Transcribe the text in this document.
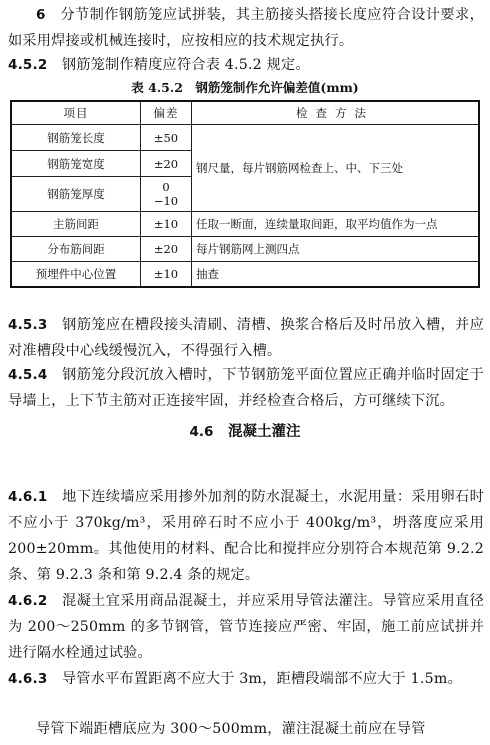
6　 分节制作钢筋笼应试拼装，其主筋接头搭接长度应符合设计要求，如采用焊接或机械连接时，应按相应的技术规定执行。

4.5.2　 钢筋笼制作精度应符合表 4.5.2 规定。

表 4.5.2　钢筋笼制作允许偏差值(mm)

项目	偏差	检查方法
钢筋笼长度	±50	钢尺量，每片钢筋网检查上、中、下三处
钢筋笼宽度	±20	
钢筋笼厚度	0
−10	

主筋间距	±10	任取一断面，连续量取间距，取平均值作为一点
分布筋间距	±20	每片钢筋网上测四点
预埋件中心位置	±10	抽查

4.5.3　 钢筋笼应在槽段接头清刷、清槽、换浆合格后及时吊放入槽，并应对准槽段中心线缓慢沉入，不得强行入槽。

4.5.4　 钢筋笼分段沉放入槽时，下节钢筋笼平面位置应正确并临时固定于导墙上，上下节主筋对正连接牢固，并经检查合格后，方可继续下沉。

4.6　 混凝土灌注

4.6.1　 地下连续墙应采用掺外加剂的防水混凝土，水泥用量：采用卵石时不应小于 370kg/m³，采用碎石时不应小于 400kg/m³，坍落度应采用 200±20mm。其他使用的材料、配合比和搅拌应分别符合本规范第 9.2.2 条、第 9.2.3 条和第 9.2.4 条的规定。

4.6.2　 混凝土宜采用商品混凝土，并应采用导管法灌注。导管应采用直径为 200～250mm 的多节钢管，管节连接应严密、牢固，施工前应试拼并进行隔水栓通过试验。

4.6.3　 导管水平布置距离不应大于 3m，距槽段端部不应大于 1.5m。

导管下端距槽底应为 300～500mm，灌注混凝土前应在导管
